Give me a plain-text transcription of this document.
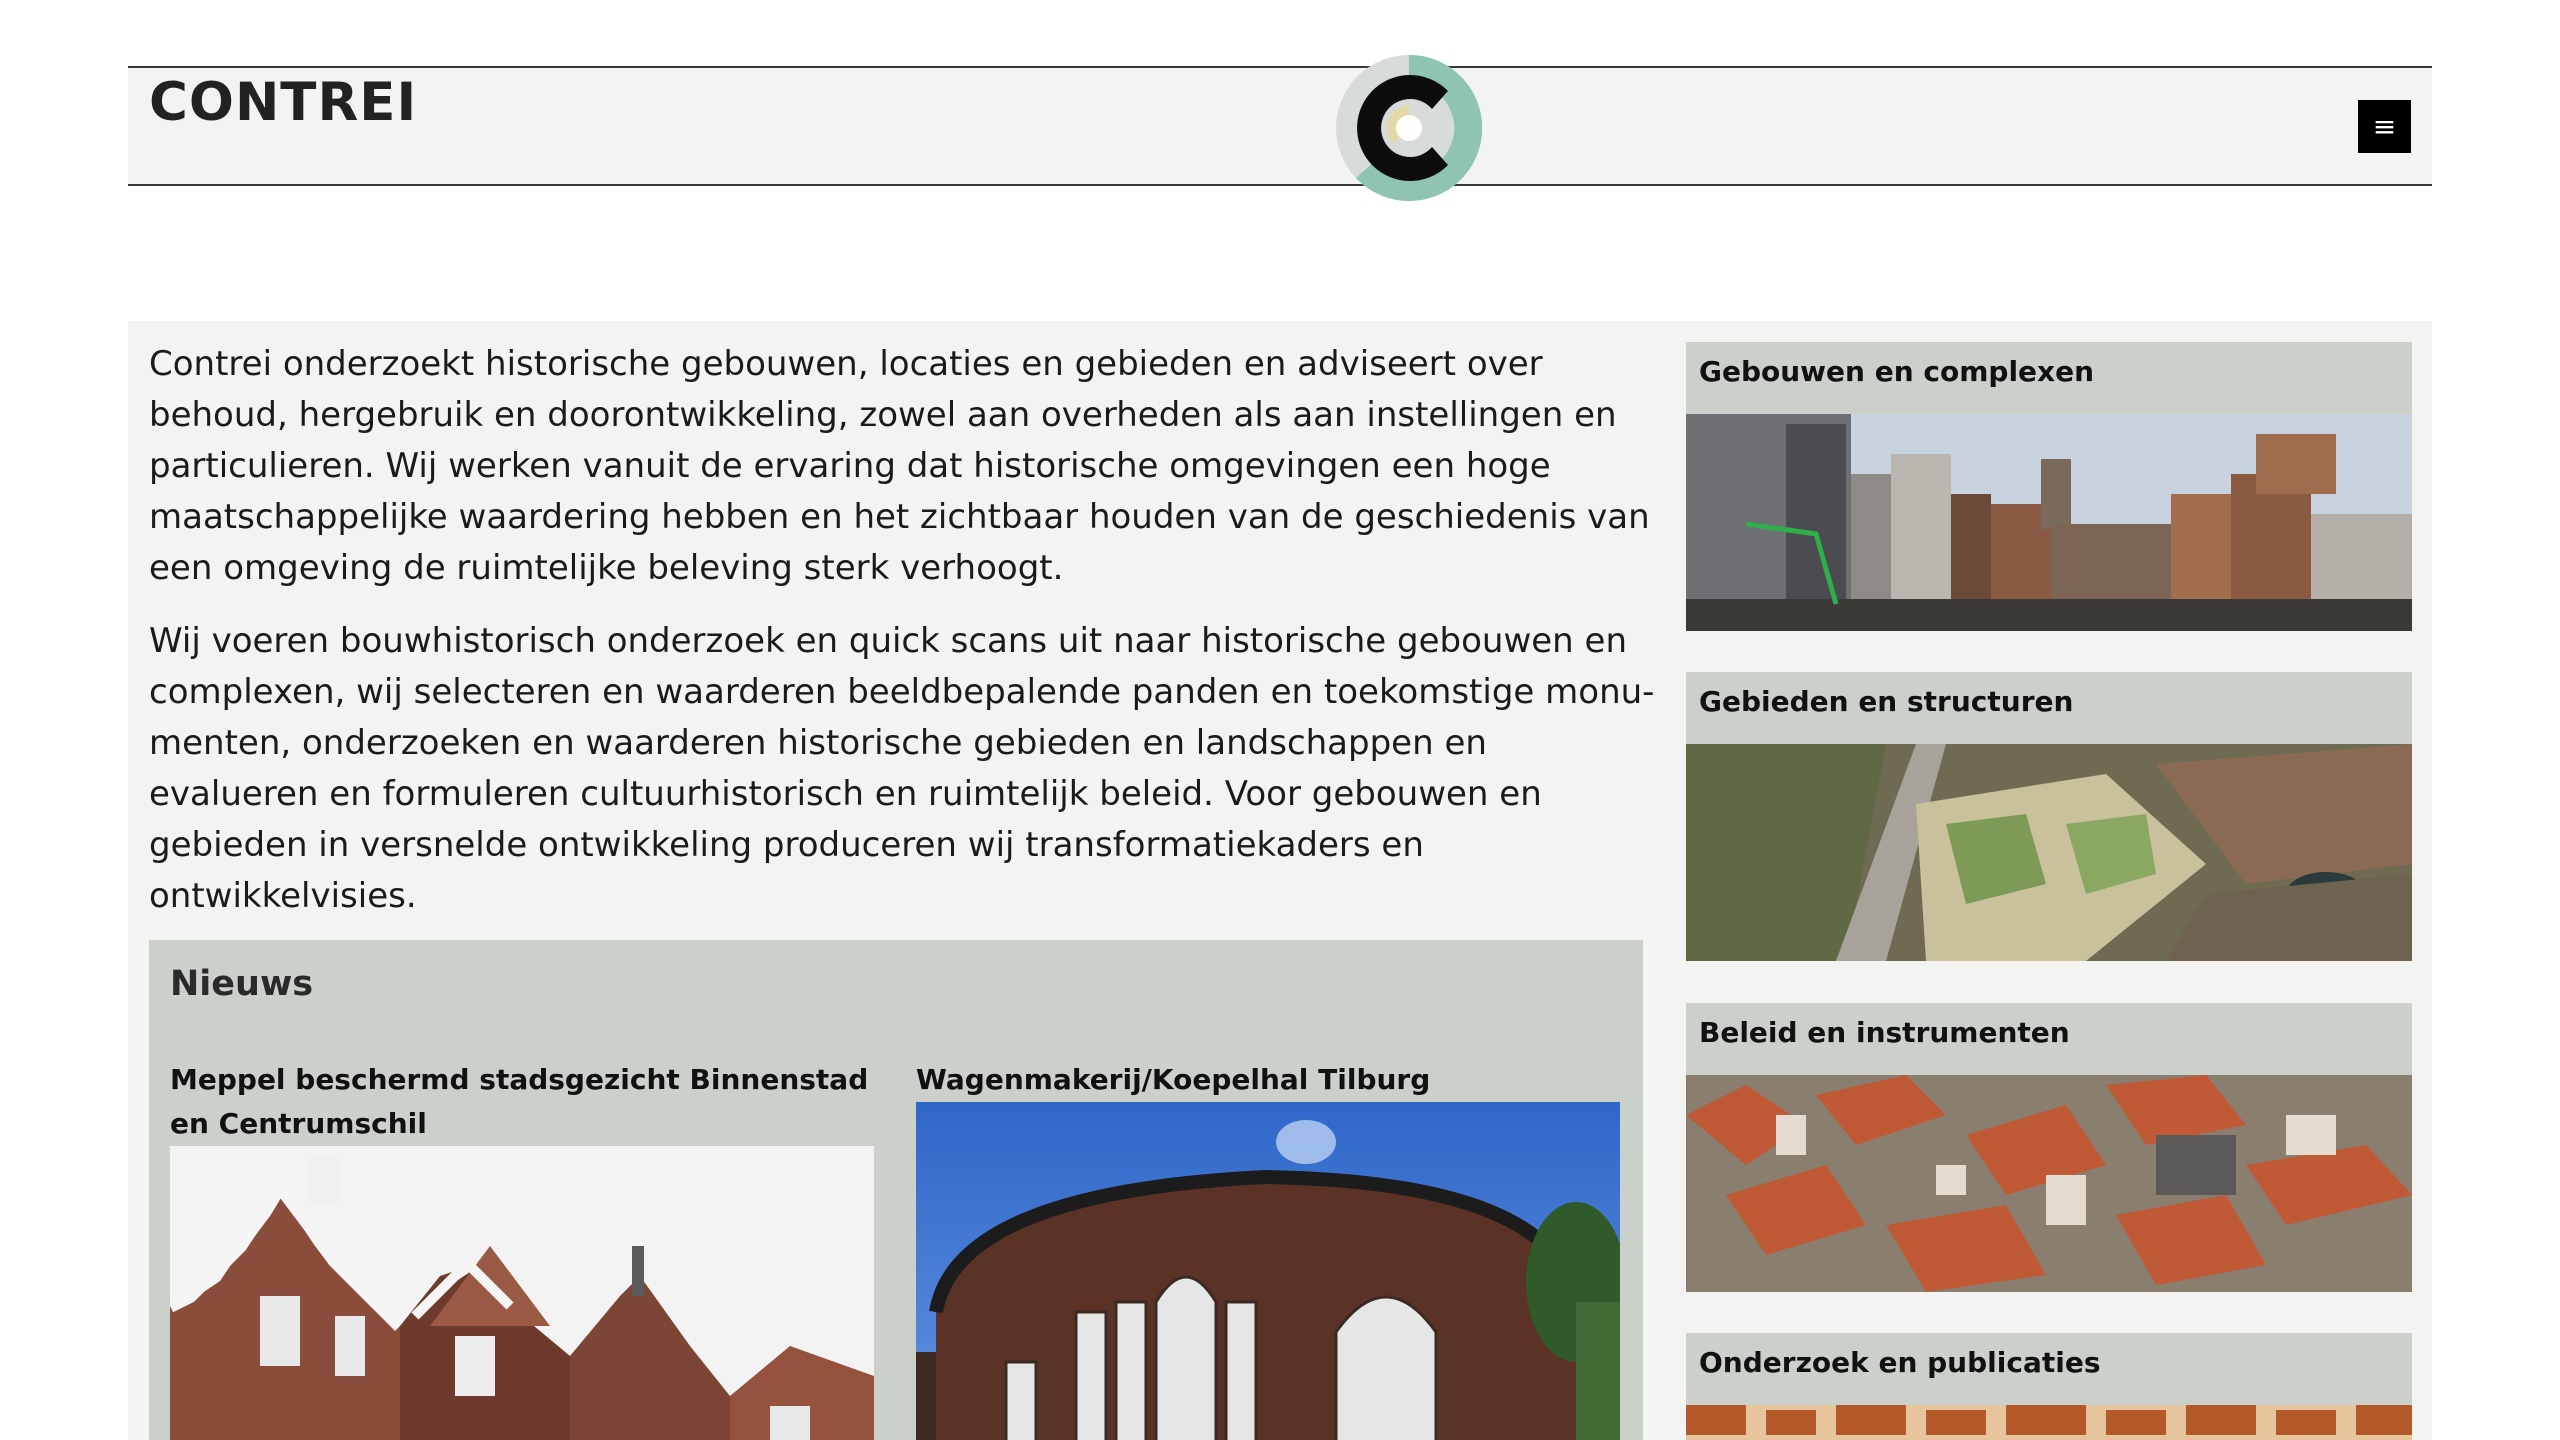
CONTREI	≡

Contrei onderzoekt historische gebouwen, locaties en gebieden en adviseert over behoud, hergebruik en doorontwikkeling, zowel aan overheden als aan instellingen en particulieren. Wij werken vanuit de ervaring dat historische omgevingen een hoge maatschappelijke waardering hebben en het zichtbaar houden van de geschiedenis van een omgeving de ruimtelijke beleving sterk verhoogt.

Wij voeren bouwhistorisch onderzoek en quick scans uit naar historische gebouwen en complexen, wij selecteren en waarderen beeldbepalende panden en toekomstige monumenten, onderzoeken en waarderen historische gebieden en landschappen en evalueren en formuleren cultuurhistorisch en ruimtelijk beleid. Voor gebouwen en gebieden in versnelde ontwikkeling produceren wij transformatiekaders en ontwikkelvisies.

Nieuws
Meppel beschermd stadsgezicht Binnenstad en Centrumschil
Wagenmakerij/Koepelhal Tilburg
Gebouwen en complexen
Gebieden en structuren
Beleid en instrumenten
Onderzoek en publicaties
